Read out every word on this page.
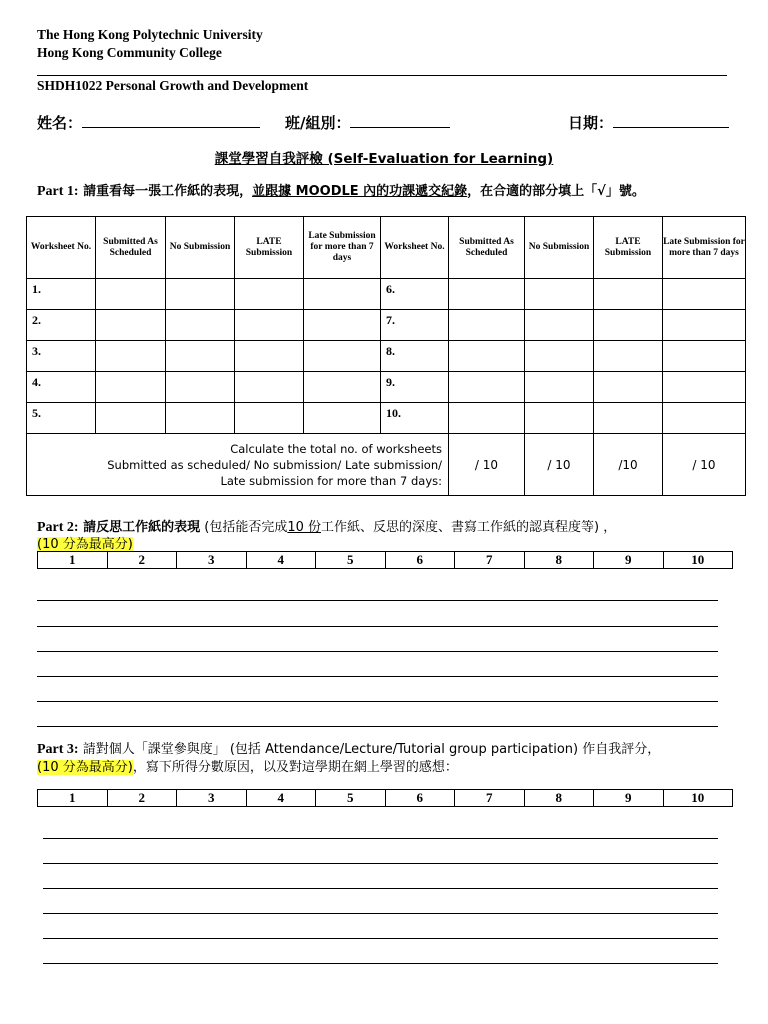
The Hong Kong Polytechnic University
Hong Kong Community College
SHDH1022 Personal Growth and Development
姓名：	班/組別：	日期：
課堂學習自我評檢 (Self-Evaluation for Learning)
Part 1: 請重看每一張工作紙的表現，並跟據 MOODLE 內的功課遞交紀錄，在合適的部分填上「√」號。
Worksheet No.	Submitted As Scheduled	No Submission	LATE Submission	Late Submission for more than 7 days	Worksheet No.	Submitted As Scheduled	No Submission	LATE Submission	Late Submission for more than 7 days
1.					6.				
2.					7.				
3.					8.				
4.					9.				
5.					10.				

Calculate the total no. of worksheets
Submitted as scheduled/ No submission/ Late submission/
Late submission for more than 7 days:						/ 10	/ 10	/10	/ 10
Part 2: 請反思工作紙的表現 (包括能否完成10 份工作紙、反思的深度、書寫工作紙的認真程度等) ，
(10 分為最高分)
1	2	3	4	5	6	7	8	9	10
Part 3: 請對個人「課堂參與度」 (包括 Attendance/Lecture/Tutorial group participation) 作自我評分，
(10 分為最高分)，寫下所得分數原因，以及對這學期在網上學習的感想：
1	2	3	4	5	6	7	8	9	10
